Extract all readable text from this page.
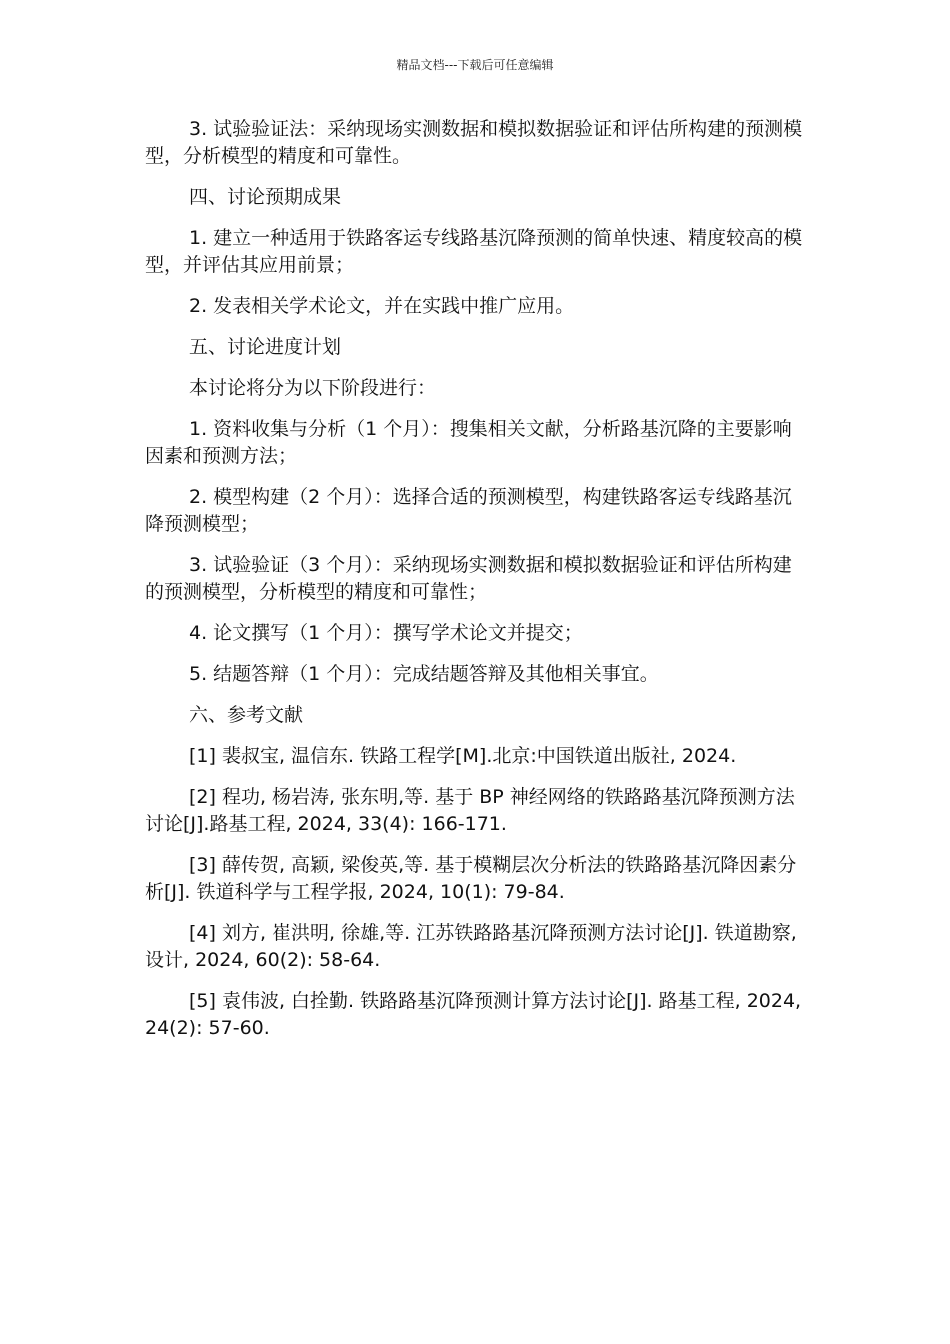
精品文档---下载后可任意编辑

3. 试验验证法：采纳现场实测数据和模拟数据验证和评估所构建的预测模型，分析模型的精度和可靠性。

四、讨论预期成果

1. 建立一种适用于铁路客运专线路基沉降预测的简单快速、精度较高的模型，并评估其应用前景；

2. 发表相关学术论文，并在实践中推广应用。

五、讨论进度计划

本讨论将分为以下阶段进行：

1. 资料收集与分析（1 个月）：搜集相关文献，分析路基沉降的主要影响因素和预测方法；

2. 模型构建（2 个月）：选择合适的预测模型，构建铁路客运专线路基沉降预测模型；

3. 试验验证（3 个月）：采纳现场实测数据和模拟数据验证和评估所构建的预测模型，分析模型的精度和可靠性；

4. 论文撰写（1 个月）：撰写学术论文并提交；

5. 结题答辩（1 个月）：完成结题答辩及其他相关事宜。

六、参考文献

[1] 裴叔宝, 温信东. 铁路工程学[M].北京:中国铁道出版社, 2024.

[2] 程功, 杨岩涛, 张东明,等. 基于 BP 神经网络的铁路路基沉降预测方法讨论[J].路基工程, 2024, 33(4): 166-171.

[3] 薛传贺, 高颖, 梁俊英,等. 基于模糊层次分析法的铁路路基沉降因素分析[J]. 铁道科学与工程学报, 2024, 10(1): 79-84.

[4] 刘方, 崔洪明, 徐雄,等. 江苏铁路路基沉降预测方法讨论[J]. 铁道勘察, 设计, 2024, 60(2): 58-64.

[5] 袁伟波, 白拴勤. 铁路路基沉降预测计算方法讨论[J]. 路基工程, 2024, 24(2): 57-60.
